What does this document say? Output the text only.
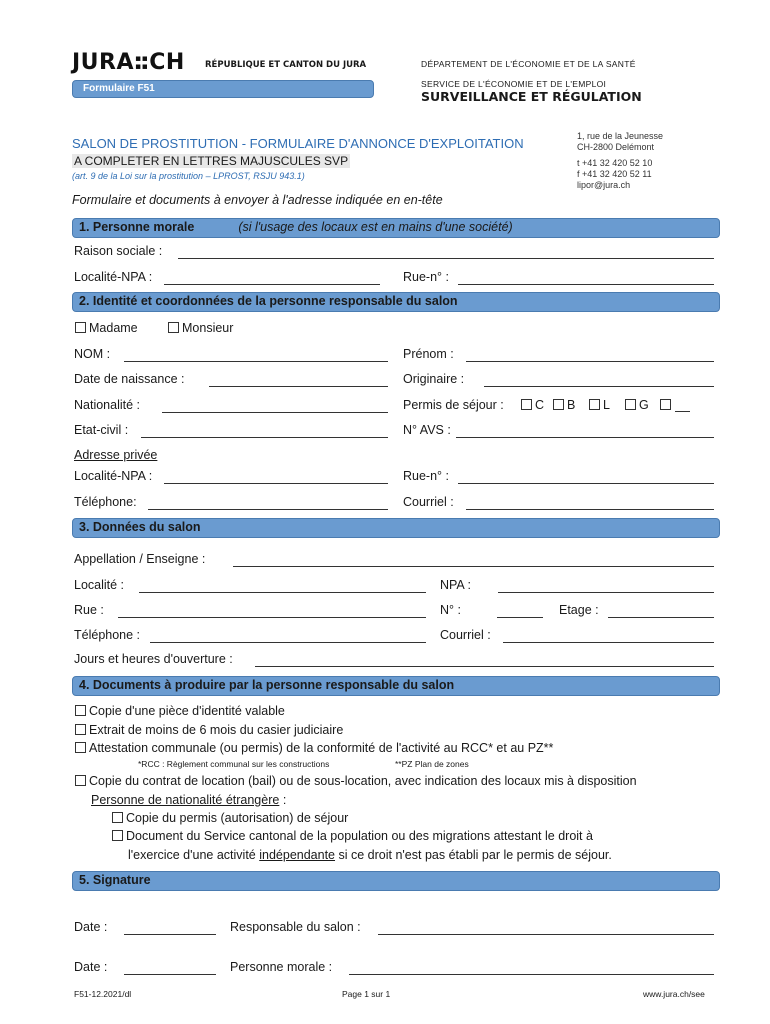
JURA▪▪
▪▪CH RÉPUBLIQUE ET CANTON DU JURA	DÉPARTEMENT DE L'ÉCONOMIE ET DE LA SANTÉ
SERVICE DE L'ÉCONOMIE ET DE L'EMPLOI
SURVEILLANCE ET RÉGULATION
Formulaire F51
SALON DE PROSTITUTION - FORMULAIRE D'ANNONCE D'EXPLOITATION
A COMPLETER EN LETTRES MAJUSCULES SVP
(art. 9 de la Loi sur la prostitution – LPROST, RSJU 943.1)
1, rue de la Jeunesse
CH-2800 Delémont
t +41 32 420 52 10
f +41 32 420 52 11
lipor@jura.ch
Formulaire et documents à envoyer à l'adresse indiquée en en-tête
1. Personne morale	(si l'usage des locaux est en mains d'une société)
Raison sociale :
Localité-NPA :	Rue-n° :
2. Identité et coordonnées de la personne responsable du salon
Madame	Monsieur
NOM :	Prénom :
Date de naissance :	Originaire :
Nationalité :	Permis de séjour :	C	B	L	G
Etat-civil :	N° AVS :
Adresse privée
Localité-NPA :	Rue-n° :
Téléphone:	Courriel :
3. Données du salon
Appellation / Enseigne :
Localité :	NPA :
Rue :	N° :	Etage :
Téléphone :	Courriel :
Jours et heures d'ouverture :
4. Documents à produire par la personne responsable du salon
Copie d'une pièce d'identité valable
Extrait de moins de 6 mois du casier judiciaire
Attestation communale (ou permis) de la conformité de l'activité au RCC* et au PZ**
*RCC : Règlement communal sur les constructions	**PZ Plan de zones
Copie du contrat de location (bail) ou de sous-location, avec indication des locaux mis à disposition
Personne de nationalité étrangère :
Copie du permis (autorisation) de séjour
Document du Service cantonal de la population ou des migrations attestant le droit à
l'exercice d'une activité indépendante si ce droit n'est pas établi par le permis de séjour.
5. Signature
Date :	Responsable du salon :
Date :	Personne morale :
F51-12.2021/dl	Page 1 sur 1	www.jura.ch/see
